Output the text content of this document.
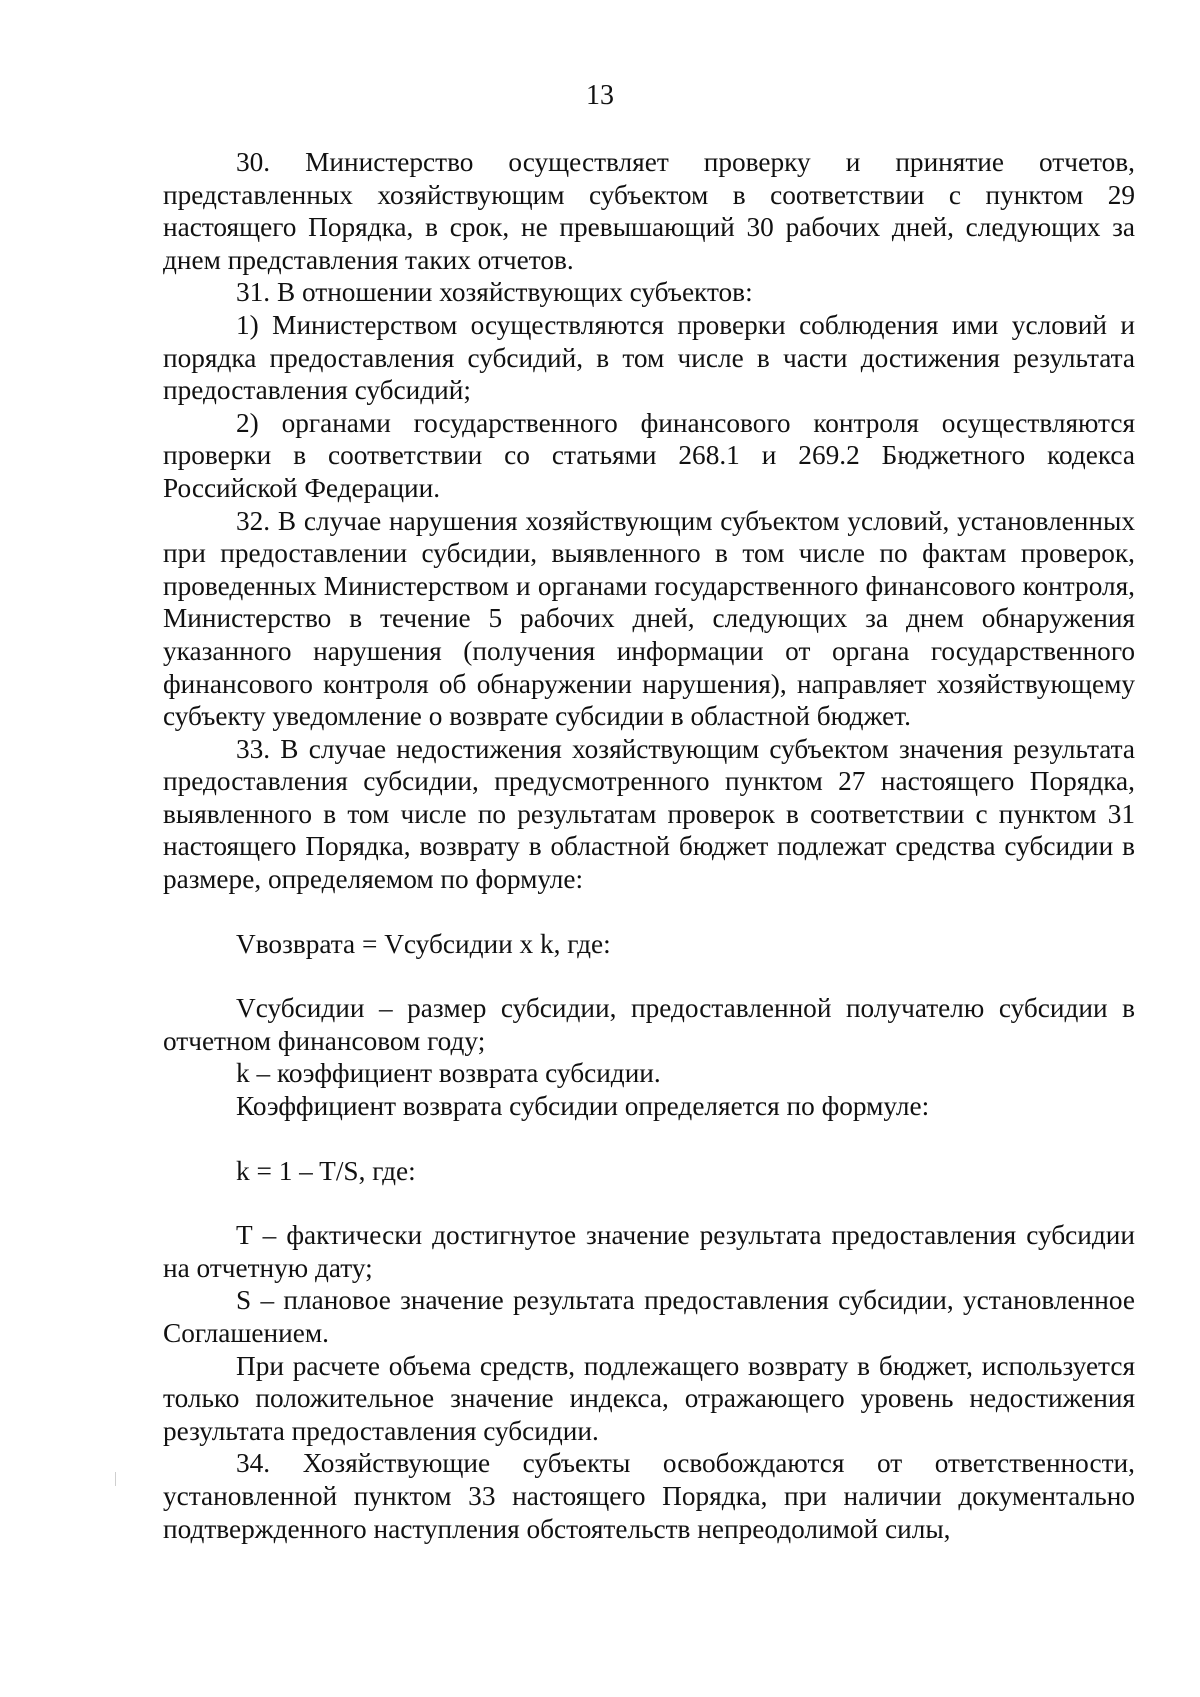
13

30. Министерство осуществляет проверку и принятие отчетов, представленных хозяйствующим субъектом в соответствии с пунктом 29 настоящего Порядка, в срок, не превышающий 30 рабочих дней, следующих за днем представления таких отчетов.

31. В отношении хозяйствующих субъектов:

1) Министерством осуществляются проверки соблюдения ими условий и порядка предоставления субсидий, в том числе в части достижения результата предоставления субсидий;

2) органами государственного финансового контроля осуществляются проверки в соответствии со статьями 268.1 и 269.2 Бюджетного кодекса Российской Федерации.

32. В случае нарушения хозяйствующим субъектом условий, установленных при предоставлении субсидии, выявленного в том числе по фактам проверок, проведенных Министерством и органами государственного финансового контроля, Министерство в течение 5 рабочих дней, следующих за днем обнаружения указанного нарушения (получения информации от органа государственного финансового контроля об обнаружении нарушения), направляет хозяйствующему субъекту уведомление о возврате субсидии в областной бюджет.

33. В случае недостижения хозяйствующим субъектом значения результата предоставления субсидии, предусмотренного пунктом 27 настоящего Порядка, выявленного в том числе по результатам проверок в соответствии с пунктом 31 настоящего Порядка, возврату в областной бюджет подлежат средства субсидии в размере, определяемом по формуле:

Vвозврата = Vсубсидии x k, где:

Vсубсидии – размер субсидии, предоставленной получателю субсидии в отчетном финансовом году;

k – коэффициент возврата субсидии.

Коэффициент возврата субсидии определяется по формуле:

k = 1 – T/S, где:

Т – фактически достигнутое значение результата предоставления субсидии на отчетную дату;

S – плановое значение результата предоставления субсидии, установленное Соглашением.

При расчете объема средств, подлежащего возврату в бюджет, используется только положительное значение индекса, отражающего уровень недостижения результата предоставления субсидии.

34. Хозяйствующие субъекты освобождаются от ответственности, установленной пунктом 33 настоящего Порядка, при наличии документально подтвержденного наступления обстоятельств непреодолимой силы,
